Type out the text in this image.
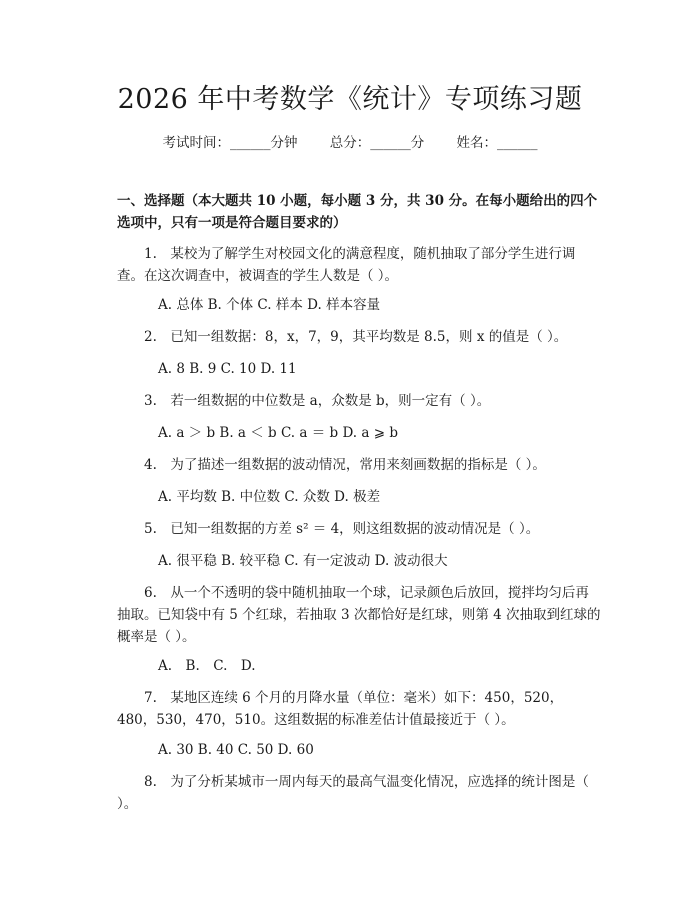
2026 年中考数学《统计》专项练习题
考试时间：______分钟 总分：______分 姓名：______
一、选择题（本大题共 10 小题，每小题 3 分，共 30 分。在每小题给出的四个选项中，只有一项是符合题目要求的）
1.　某校为了解学生对校园文化的满意程度，随机抽取了部分学生进行调查。在这次调查中，被调查的学生人数是（ ）。
A. 总体 B. 个体 C. 样本 D. 样本容量
2.　已知一组数据：8，x，7，9，其平均数是 8.5，则 x 的值是（ ）。
A. 8 B. 9 C. 10 D. 11
3.　若一组数据的中位数是 a，众数是 b，则一定有（ ）。
A. a ＞ b B. a ＜ b C. a ＝ b D. a ⩾ b
4.　为了描述一组数据的波动情况，常用来刻画数据的指标是（ ）。
A. 平均数 B. 中位数 C. 众数 D. 极差
5.　已知一组数据的方差 s² ＝ 4，则这组数据的波动情况是（ ）。
A. 很平稳 B. 较平稳 C. 有一定波动 D. 波动很大
6.　从一个不透明的袋中随机抽取一个球，记录颜色后放回，搅拌均匀后再抽取。已知袋中有 5 个红球，若抽取 3 次都恰好是红球，则第 4 次抽取到红球的概率是（ ）。
A.　B.　C.　D.
7.　某地区连续 6 个月的月降水量（单位：毫米）如下：450，520，480，530，470，510。这组数据的标准差估计值最接近于（ ）。
A. 30 B. 40 C. 50 D. 60
8.　为了分析某城市一周内每天的最高气温变化情况，应选择的统计图是（ ）。
